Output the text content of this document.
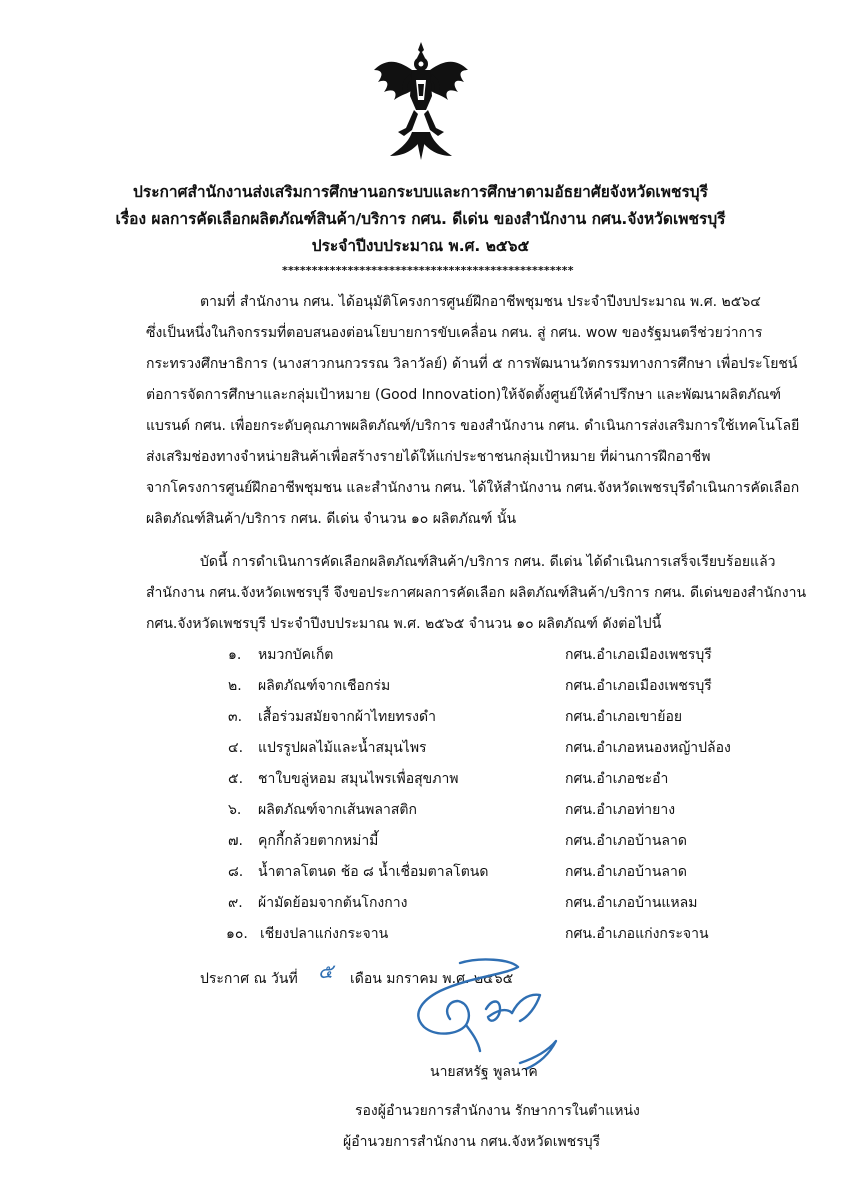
ประกาศสำนักงานส่งเสริมการศึกษานอกระบบและการศึกษาตามอัธยาศัยจังหวัดเพชรบุรี
เรื่อง ผลการคัดเลือกผลิตภัณฑ์สินค้า/บริการ กศน. ดีเด่น ของสำนักงาน กศน.จังหวัดเพชรบุรี
ประจำปีงบประมาณ พ.ศ. ๒๕๖๕
*************************************************
ตามที่ สำนักงาน กศน. ได้อนุมัติโครงการศูนย์ฝึกอาชีพชุมชน ประจำปีงบประมาณ พ.ศ. ๒๕๖๔
ซึ่งเป็นหนึ่งในกิจกรรมที่ตอบสนองต่อนโยบายการขับเคลื่อน กศน. สู่ กศน. wow ของรัฐมนตรีช่วยว่าการ
กระทรวงศึกษาธิการ (นางสาวกนกวรรณ วิลาวัลย์) ด้านที่ ๕ การพัฒนานวัตกรรมทางการศึกษา เพื่อประโยชน์
ต่อการจัดการศึกษาและกลุ่มเป้าหมาย (Good Innovation)ให้จัดตั้งศูนย์ให้คำปรึกษา และพัฒนาผลิตภัณฑ์
แบรนด์ กศน. เพื่อยกระดับคุณภาพผลิตภัณฑ์/บริการ ของสำนักงาน กศน. ดำเนินการส่งเสริมการใช้เทคโนโลยี
ส่งเสริมช่องทางจำหน่ายสินค้าเพื่อสร้างรายได้ให้แก่ประชาชนกลุ่มเป้าหมาย ที่ผ่านการฝึกอาชีพ
จากโครงการศูนย์ฝึกอาชีพชุมชน และสำนักงาน กศน. ได้ให้สำนักงาน กศน.จังหวัดเพชรบุรีดำเนินการคัดเลือก
ผลิตภัณฑ์สินค้า/บริการ กศน. ดีเด่น จำนวน ๑๐ ผลิตภัณฑ์ นั้น
บัดนี้ การดำเนินการคัดเลือกผลิตภัณฑ์สินค้า/บริการ กศน. ดีเด่น ได้ดำเนินการเสร็จเรียบร้อยแล้ว
สำนักงาน กศน.จังหวัดเพชรบุรี จึงขอประกาศผลการคัดเลือก ผลิตภัณฑ์สินค้า/บริการ กศน. ดีเด่นของสำนักงาน
กศน.จังหวัดเพชรบุรี ประจำปีงบประมาณ พ.ศ. ๒๕๖๕ จำนวน ๑๐ ผลิตภัณฑ์ ดังต่อไปนี้
๑. หมวกบัคเก็ต	กศน.อำเภอเมืองเพชรบุรี
๒. ผลิตภัณฑ์จากเชือกร่ม	กศน.อำเภอเมืองเพชรบุรี
๓. เสื้อร่วมสมัยจากผ้าไทยทรงดำ	กศน.อำเภอเขาย้อย
๔. แปรรูปผลไม้และน้ำสมุนไพร	กศน.อำเภอหนองหญ้าปล้อง
๕. ชาใบขลู่หอม สมุนไพรเพื่อสุขภาพ	กศน.อำเภอชะอำ
๖. ผลิตภัณฑ์จากเส้นพลาสติก	กศน.อำเภอท่ายาง
๗. คุกกี้กล้วยตากหม่ามี้	กศน.อำเภอบ้านลาด
๘. น้ำตาลโตนด ช้อ ๘ น้ำเชื่อมตาลโตนด	กศน.อำเภอบ้านลาด
๙. ผ้ามัดย้อมจากต้นโกงกาง	กศน.อำเภอบ้านแหลม
๑๐. เชียงปลาแก่งกระจาน	กศน.อำเภอแก่งกระจาน
ประกาศ ณ วันที่ ๕ เดือน มกราคม พ.ศ. ๒๕๖๕
นายสหรัฐ พูลนาค
รองผู้อำนวยการสำนักงาน รักษาการในตำแหน่ง
ผู้อำนวยการสำนักงาน กศน.จังหวัดเพชรบุรี
